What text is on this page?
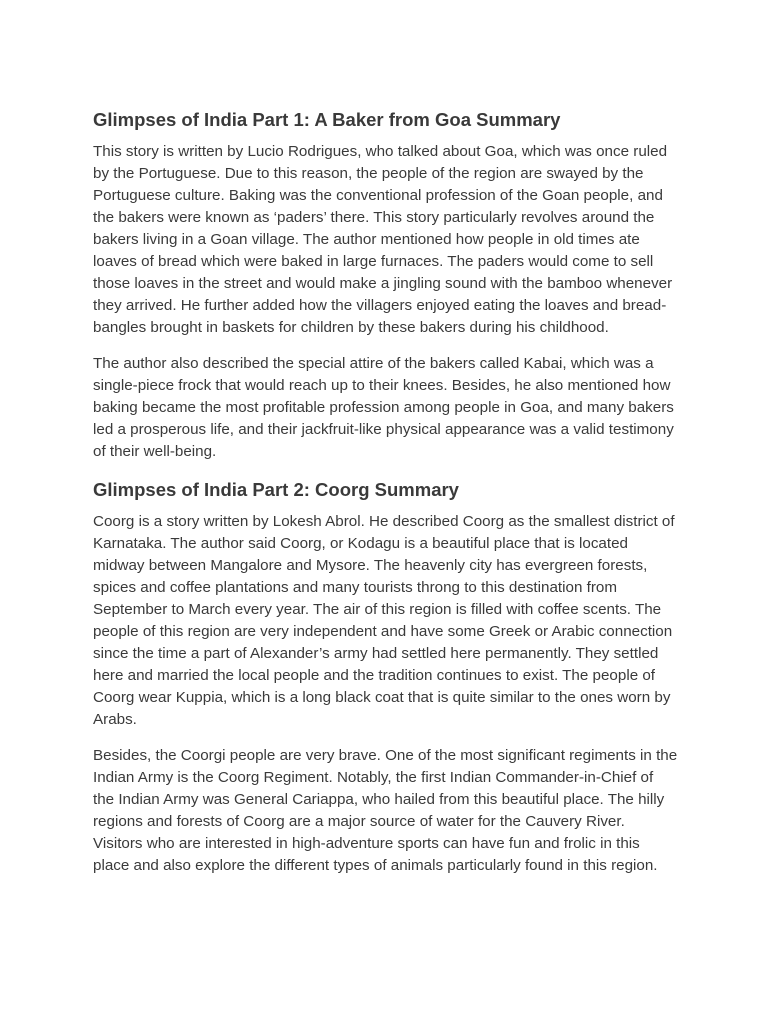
Glimpses of India Part 1: A Baker from Goa Summary

This story is written by Lucio Rodrigues, who talked about Goa, which was once ruled by the Portuguese. Due to this reason, the people of the region are swayed by the Portuguese culture. Baking was the conventional profession of the Goan people, and the bakers were known as ‘paders’ there. This story particularly revolves around the bakers living in a Goan village. The author mentioned how people in old times ate loaves of bread which were baked in large furnaces. The paders would come to sell those loaves in the street and would make a jingling sound with the bamboo whenever they arrived. He further added how the villagers enjoyed eating the loaves and bread-bangles brought in baskets for children by these bakers during his childhood.

The author also described the special attire of the bakers called Kabai, which was a single-piece frock that would reach up to their knees. Besides, he also mentioned how baking became the most profitable profession among people in Goa, and many bakers led a prosperous life, and their jackfruit-like physical appearance was a valid testimony of their well-being.

Glimpses of India Part 2: Coorg Summary

Coorg is a story written by Lokesh Abrol. He described Coorg as the smallest district of Karnataka. The author said Coorg, or Kodagu is a beautiful place that is located midway between Mangalore and Mysore. The heavenly city has evergreen forests, spices and coffee plantations and many tourists throng to this destination from September to March every year. The air of this region is filled with coffee scents. The people of this region are very independent and have some Greek or Arabic connection since the time a part of Alexander’s army had settled here permanently. They settled here and married the local people and the tradition continues to exist. The people of Coorg wear Kuppia, which is a long black coat that is quite similar to the ones worn by Arabs.

Besides, the Coorgi people are very brave. One of the most significant regiments in the Indian Army is the Coorg Regiment. Notably, the first Indian Commander-in-Chief of the Indian Army was General Cariappa, who hailed from this beautiful place. The hilly regions and forests of Coorg are a major source of water for the Cauvery River. Visitors who are interested in high-adventure sports can have fun and frolic in this place and also explore the different types of animals particularly found in this region.
